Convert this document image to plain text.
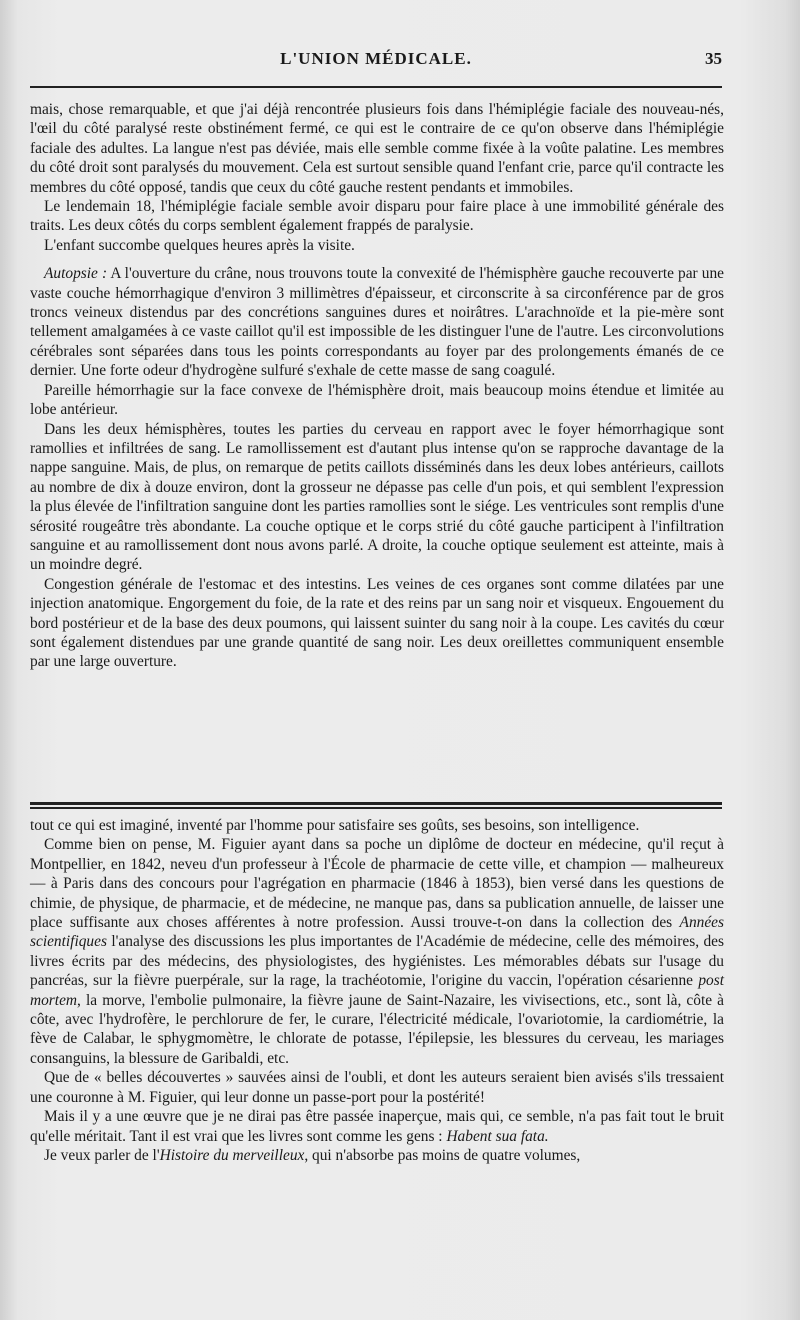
L'UNION MÉDICALE.	35

mais, chose remarquable, et que j'ai déjà rencontrée plusieurs fois dans l'hémiplégie faciale des nouveau-nés, l'œil du côté paralysé reste obstinément fermé, ce qui est le contraire de ce qu'on observe dans l'hémiplégie faciale des adultes. La langue n'est pas déviée, mais elle semble comme fixée à la voûte palatine. Les membres du côté droit sont paralysés du mouvement. Cela est surtout sensible quand l'enfant crie, parce qu'il contracte les membres du côté opposé, tandis que ceux du côté gauche restent pendants et immobiles.

Le lendemain 18, l'hémiplégie faciale semble avoir disparu pour faire place à une immobilité générale des traits. Les deux côtés du corps semblent également frappés de paralysie.

L'enfant succombe quelques heures après la visite.

Autopsie : A l'ouverture du crâne, nous trouvons toute la convexité de l'hémisphère gauche recouverte par une vaste couche hémorrhagique d'environ 3 millimètres d'épaisseur, et circonscrite à sa circonférence par de gros troncs veineux distendus par des concrétions sanguines dures et noirâtres. L'arachnoïde et la pie-mère sont tellement amalgamées à ce vaste caillot qu'il est impossible de les distinguer l'une de l'autre. Les circonvolutions cérébrales sont séparées dans tous les points correspondants au foyer par des prolongements émanés de ce dernier. Une forte odeur d'hydrogène sulfuré s'exhale de cette masse de sang coagulé.

Pareille hémorrhagie sur la face convexe de l'hémisphère droit, mais beaucoup moins étendue et limitée au lobe antérieur.

Dans les deux hémisphères, toutes les parties du cerveau en rapport avec le foyer hémorrhagique sont ramollies et infiltrées de sang. Le ramollissement est d'autant plus intense qu'on se rapproche davantage de la nappe sanguine. Mais, de plus, on remarque de petits caillots disséminés dans les deux lobes antérieurs, caillots au nombre de dix à douze environ, dont la grosseur ne dépasse pas celle d'un pois, et qui semblent l'expression la plus élevée de l'infiltration sanguine dont les parties ramollies sont le siége. Les ventricules sont remplis d'une sérosité rougeâtre très abondante. La couche optique et le corps strié du côté gauche participent à l'infiltration sanguine et au ramollissement dont nous avons parlé. A droite, la couche optique seulement est atteinte, mais à un moindre degré.

Congestion générale de l'estomac et des intestins. Les veines de ces organes sont comme dilatées par une injection anatomique. Engorgement du foie, de la rate et des reins par un sang noir et visqueux. Engouement du bord postérieur et de la base des deux poumons, qui laissent suinter du sang noir à la coupe. Les cavités du cœur sont également distendues par une grande quantité de sang noir. Les deux oreillettes communiquent ensemble par une large ouverture.

tout ce qui est imaginé, inventé par l'homme pour satisfaire ses goûts, ses besoins, son intelligence.

Comme bien on pense, M. Figuier ayant dans sa poche un diplôme de docteur en médecine, qu'il reçut à Montpellier, en 1842, neveu d'un professeur à l'École de pharmacie de cette ville, et champion — malheureux — à Paris dans des concours pour l'agrégation en pharmacie (1846 à 1853), bien versé dans les questions de chimie, de physique, de pharmacie, et de médecine, ne manque pas, dans sa publication annuelle, de laisser une place suffisante aux choses afférentes à notre profession. Aussi trouve-t-on dans la collection des Années scientifiques l'analyse des discussions les plus importantes de l'Académie de médecine, celle des mémoires, des livres écrits par des médecins, des physiologistes, des hygiénistes. Les mémorables débats sur l'usage du pancréas, sur la fièvre puerpérale, sur la rage, la trachéotomie, l'origine du vaccin, l'opération césarienne post mortem, la morve, l'embolie pulmonaire, la fièvre jaune de Saint-Nazaire, les vivisections, etc., sont là, côte à côte, avec l'hydrofère, le perchlorure de fer, le curare, l'électricité médicale, l'ovariotomie, la cardiométrie, la fève de Calabar, le sphygmomètre, le chlorate de potasse, l'épilepsie, les blessures du cerveau, les mariages consanguins, la blessure de Garibaldi, etc.

Que de « belles découvertes » sauvées ainsi de l'oubli, et dont les auteurs seraient bien avisés s'ils tressaient une couronne à M. Figuier, qui leur donne un passe-port pour la postérité!

Mais il y a une œuvre que je ne dirai pas être passée inaperçue, mais qui, ce semble, n'a pas fait tout le bruit qu'elle méritait. Tant il est vrai que les livres sont comme les gens : Habent sua fata.

Je veux parler de l'Histoire du merveilleux, qui n'absorbe pas moins de quatre volumes,
